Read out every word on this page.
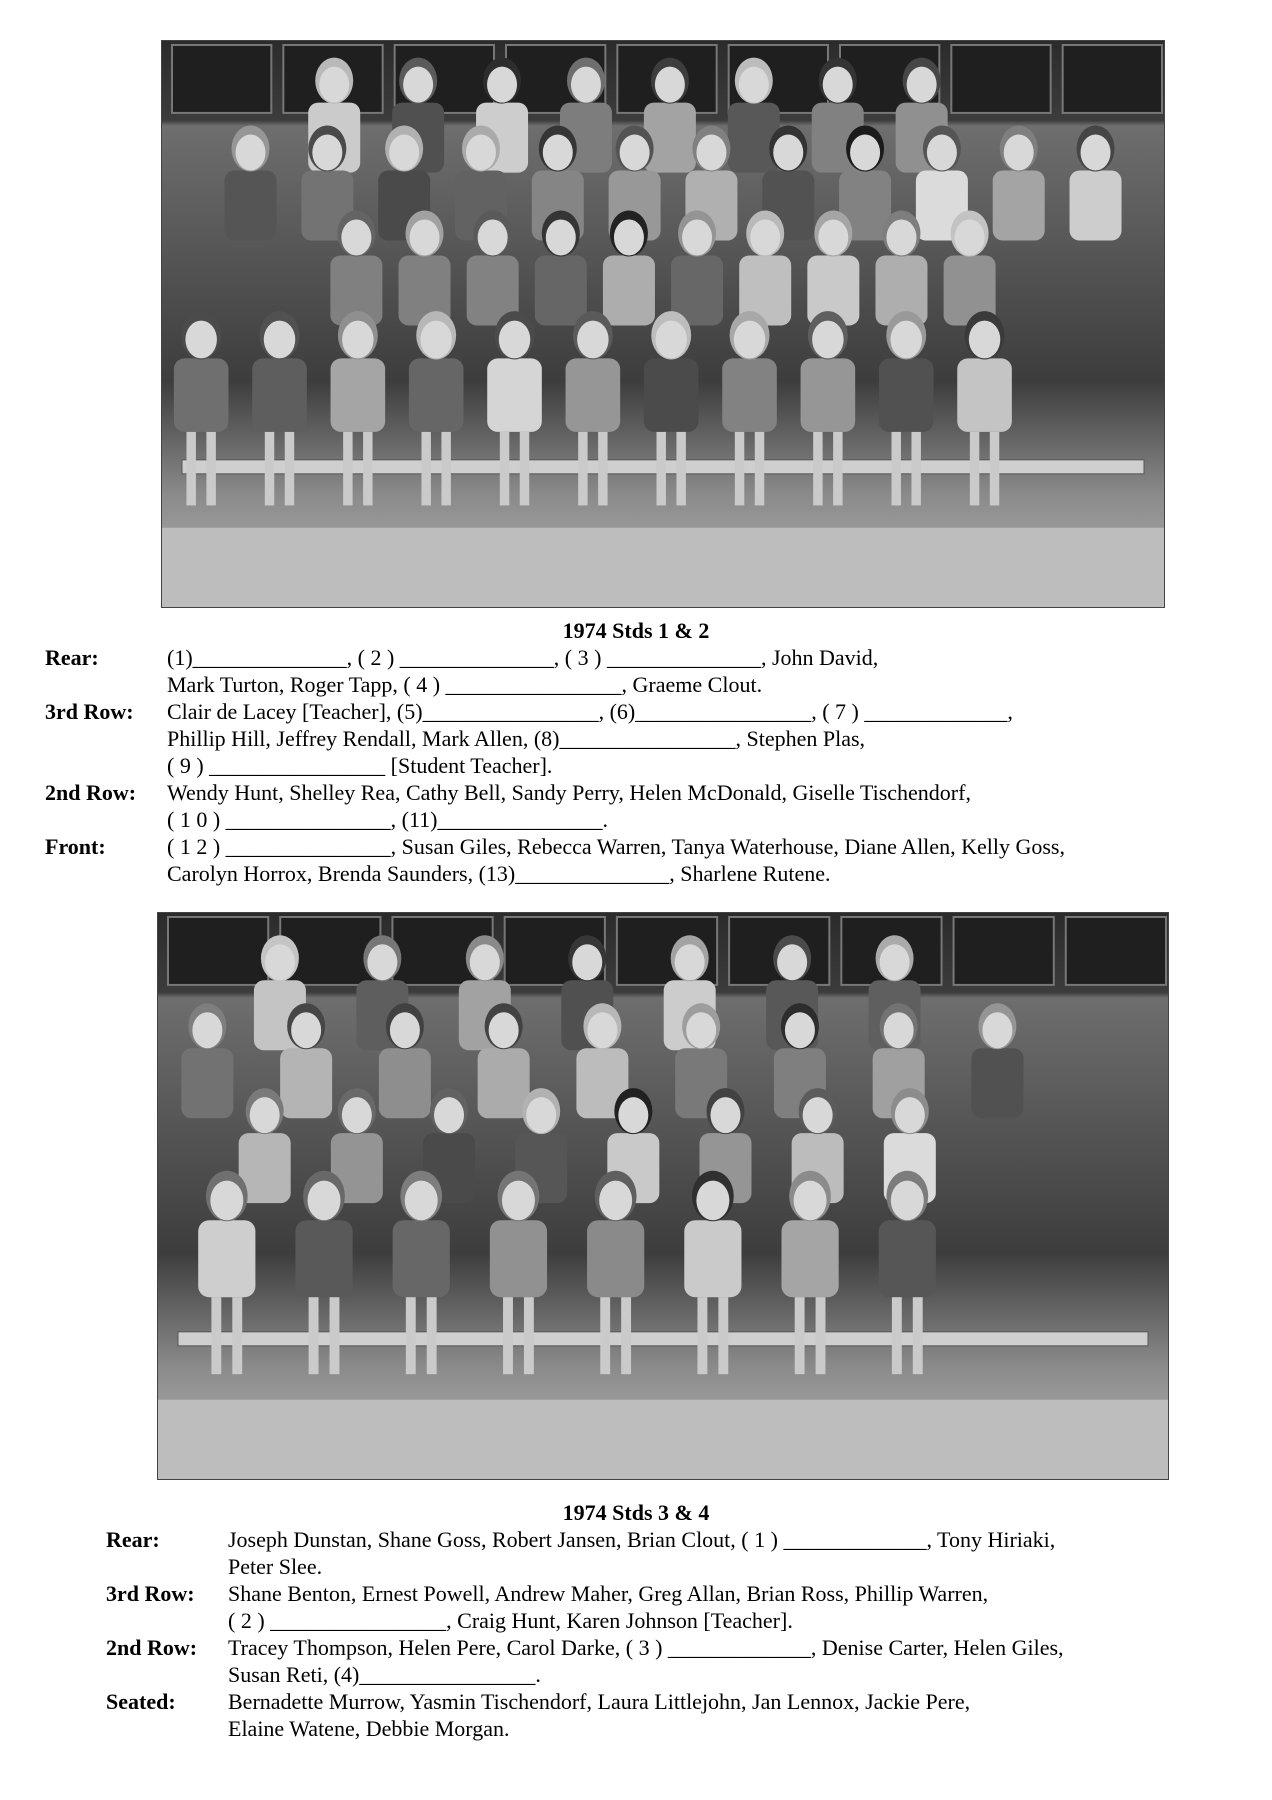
1974 Stds 1 & 2
Rear:	(1)______________, ( 2 ) ______________, ( 3 ) ______________, John David,
Mark Turton, Roger Tapp, ( 4 ) ________________, Graeme Clout.
3rd Row:	Clair de Lacey [Teacher], (5)________________, (6)________________, ( 7 ) _____________,
Phillip Hill, Jeffrey Rendall, Mark Allen, (8)________________, Stephen Plas,
( 9 ) ________________ [Student Teacher].
2nd Row:	Wendy Hunt, Shelley Rea, Cathy Bell, Sandy Perry, Helen McDonald, Giselle Tischendorf,
( 1 0 ) _______________, (11)_______________.
Front:	( 1 2 ) _______________, Susan Giles, Rebecca Warren, Tanya Waterhouse, Diane Allen, Kelly Goss,
Carolyn Horrox, Brenda Saunders, (13)______________, Sharlene Rutene.
1974 Stds 3 & 4
Rear:	Joseph Dunstan, Shane Goss, Robert Jansen, Brian Clout, ( 1 ) _____________, Tony Hiriaki,
Peter Slee.
3rd Row:	Shane Benton, Ernest Powell, Andrew Maher, Greg Allan, Brian Ross, Phillip Warren,
( 2 ) ________________, Craig Hunt, Karen Johnson [Teacher].
2nd Row:	Tracey Thompson, Helen Pere, Carol Darke, ( 3 ) _____________, Denise Carter, Helen Giles,
Susan Reti, (4)________________.
Seated:	Bernadette Murrow, Yasmin Tischendorf, Laura Littlejohn, Jan Lennox, Jackie Pere,
Elaine Watene, Debbie Morgan.
